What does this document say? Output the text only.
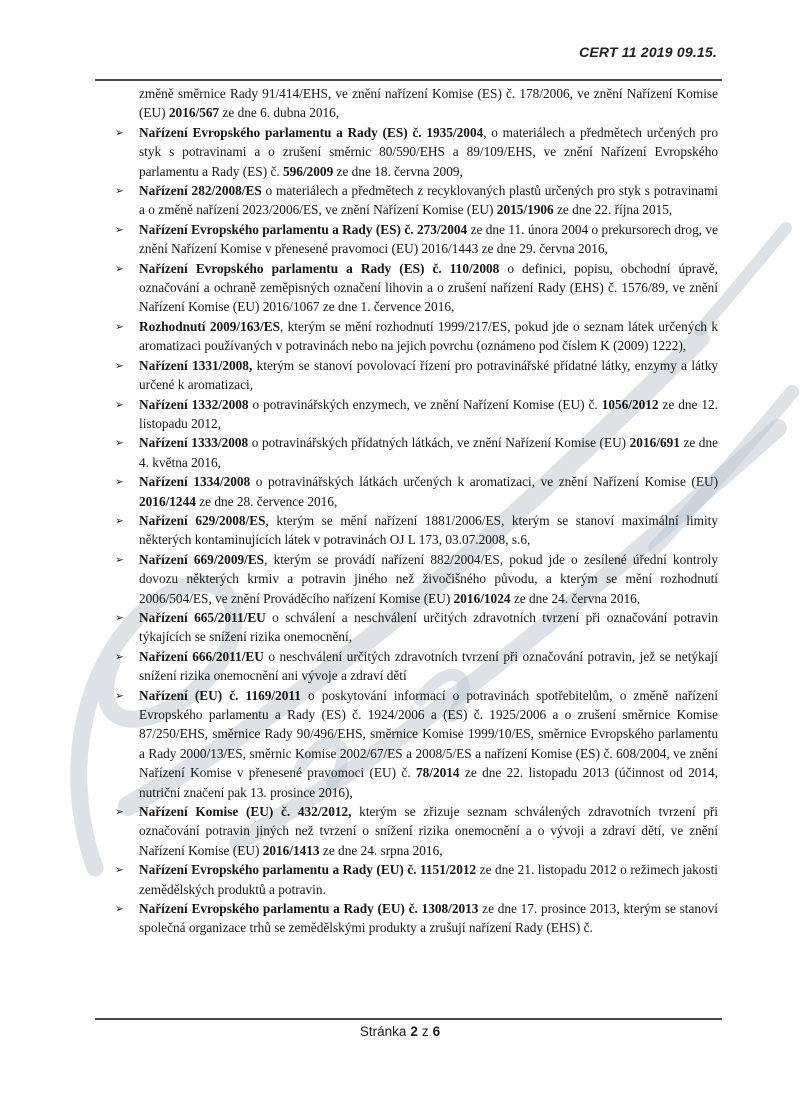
CERT 11 2019 09.15.

změně směrnice Rady 91/414/EHS, ve znění nařízení Komise (ES) č. 178/2006, ve znění Nařízení Komise (EU) 2016/567 ze dne 6. dubna 2016,

➢ Nařízení Evropského parlamentu a Rady (ES) č. 1935/2004, o materiálech a předmětech určených pro styk s potravinami a o zrušení směrnic 80/590/EHS a 89/109/EHS, ve znění Nařízení Evropského parlamentu a Rady (ES) č. 596/2009 ze dne 18. června 2009,
➢ Nařízení 282/2008/ES o materiálech a předmětech z recyklovaných plastů určených pro styk s potravinami a o změně nařízení 2023/2006/ES, ve znění Nařízení Komise (EU) 2015/1906 ze dne 22. října 2015,
➢ Nařízení Evropského parlamentu a Rady (ES) č. 273/2004 ze dne 11. února 2004 o prekursorech drog, ve znění Nařízení Komise v přenesené pravomoci (EU) 2016/1443 ze dne 29. června 2016,
➢ Nařízení Evropského parlamentu a Rady (ES) č. 110/2008 o definici, popisu, obchodní úpravě, označování a ochraně zeměpisných označení lihovin a o zrušení nařízení Rady (EHS) č. 1576/89, ve znění Nařízení Komise (EU) 2016/1067 ze dne 1. července 2016,
➢ Rozhodnutí 2009/163/ES, kterým se mění rozhodnutí 1999/217/ES, pokud jde o seznam látek určených k aromatizaci používaných v potravinách nebo na jejich povrchu (oznámeno pod číslem K (2009) 1222),
➢ Nařízení 1331/2008, kterým se stanoví povolovací řízení pro potravinářské přídatné látky, enzymy a látky určené k aromatizaci,
➢ Nařízení 1332/2008 o potravinářských enzymech, ve znění Nařízení Komise (EU) č. 1056/2012 ze dne 12. listopadu 2012,
➢ Nařízení 1333/2008 o potravinářských přídatných látkách, ve znění Nařízení Komise (EU) 2016/691 ze dne 4. května 2016,
➢ Nařízení 1334/2008 o potravinářských látkách určených k aromatizaci, ve znění Nařízení Komise (EU) 2016/1244 ze dne 28. července 2016,
➢ Nařízení 629/2008/ES, kterým se mění nařízení 1881/2006/ES, kterým se stanoví maximální limity některých kontaminujících látek v potravinách OJ L 173, 03.07.2008, s.6,
➢ Nařízení 669/2009/ES, kterým se provádí nařízení 882/2004/ES, pokud jde o zesílené úřední kontroly dovozu některých krmiv a potravin jiného než živočišného původu, a kterým se mění rozhodnutí 2006/504/ES, ve znění Prováděcího nařízení Komise (EU) 2016/1024 ze dne 24. června 2016,
➢ Nařízení 665/2011/EU o schválení a neschválení určitých zdravotních tvrzení při označování potravin týkajících se snížení rizika onemocnění,
➢ Nařízení 666/2011/EU o neschválení určitých zdravotních tvrzení při označování potravin, jež se netýkají snížení rizika onemocnění ani vývoje a zdraví dětí
➢ Nařízení (EU) č. 1169/2011 o poskytování informací o potravinách spotřebitelům, o změně nařízení Evropského parlamentu a Rady (ES) č. 1924/2006 a (ES) č. 1925/2006 a o zrušení směrnice Komise 87/250/EHS, směrnice Rady 90/496/EHS, směrnice Komise 1999/10/ES, směrnice Evropského parlamentu a Rady 2000/13/ES, směrnic Komise 2002/67/ES a 2008/5/ES a nařízení Komise (ES) č. 608/2004, ve znění Nařízení Komise v přenesené pravomoci (EU) č. 78/2014 ze dne 22. listopadu 2013 (účinnost od 2014, nutriční značení pak 13. prosince 2016),
➢ Nařízení Komise (EU) č. 432/2012, kterým se zřizuje seznam schválených zdravotních tvrzení při označování potravin jiných než tvrzení o snížení rizika onemocnění a o vývoji a zdraví dětí, ve znění Nařízení Komise (EU) 2016/1413 ze dne 24. srpna 2016,
➢ Nařízení Evropského parlamentu a Rady (EU) č. 1151/2012 ze dne 21. listopadu 2012 o režimech jakosti zemědělských produktů a potravin.
➢ Nařízení Evropského parlamentu a Rady (EU) č. 1308/2013 ze dne 17. prosince 2013, kterým se stanoví společná organizace trhů se zemědělskými produkty a zrušují nařízení Rady (EHS) č.
Stránka 2 z 6
